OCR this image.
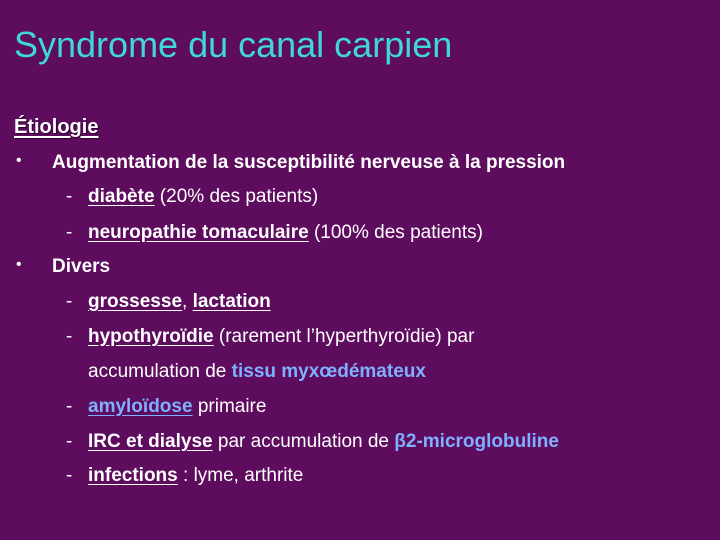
Syndrome du canal carpien
Étiologie
• Augmentation de la susceptibilité nerveuse à la pression
- diabète (20% des patients)
- neuropathie tomaculaire (100% des patients)
• Divers
- grossesse, lactation
- hypothyroïdie (rarement l’hyperthyroïdie) par
accumulation de tissu myxœdémateux
- amyloïdose primaire
- IRC et dialyse par accumulation de β2-microglobuline
- infections : lyme, arthrite
